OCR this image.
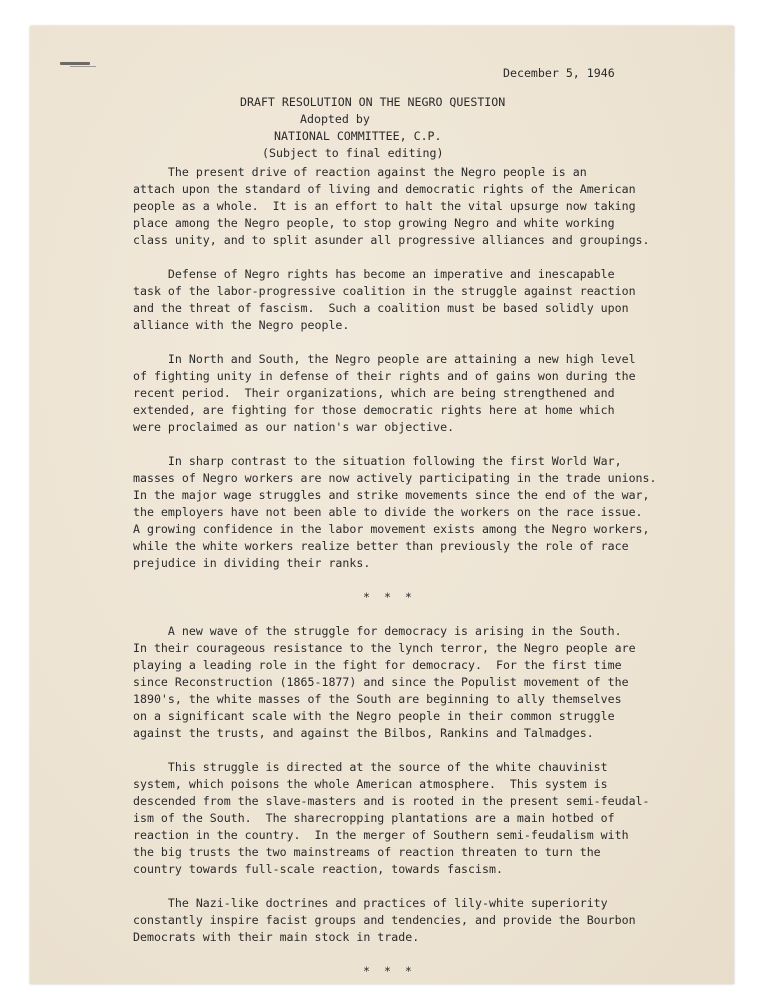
December 5, 1946
DRAFT RESOLUTION ON THE NEGRO QUESTION
Adopted by
NATIONAL COMMITTEE, C.P.
(Subject to final editing)
The present drive of reaction against the Negro people is an
attach upon the standard of living and democratic rights of the American
people as a whole.  It is an effort to halt the vital upsurge now taking
place among the Negro people, to stop growing Negro and white working
class unity, and to split asunder all progressive alliances and groupings.
Defense of Negro rights has become an imperative and inescapable
task of the labor-progressive coalition in the struggle against reaction
and the threat of fascism.  Such a coalition must be based solidly upon
alliance with the Negro people.
In North and South, the Negro people are attaining a new high level
of fighting unity in defense of their rights and of gains won during the
recent period.  Their organizations, which are being strengthened and
extended, are fighting for those democratic rights here at home which
were proclaimed as our nation's war objective.
In sharp contrast to the situation following the first World War,
masses of Negro workers are now actively participating in the trade unions.
In the major wage struggles and strike movements since the end of the war,
the employers have not been able to divide the workers on the race issue.
A growing confidence in the labor movement exists among the Negro workers,
while the white workers realize better than previously the role of race
prejudice in dividing their ranks.
*  *  *
A new wave of the struggle for democracy is arising in the South.
In their courageous resistance to the lynch terror, the Negro people are
playing a leading role in the fight for democracy.  For the first time
since Reconstruction (1865-1877) and since the Populist movement of the
1890's, the white masses of the South are beginning to ally themselves
on a significant scale with the Negro people in their common struggle
against the trusts, and against the Bilbos, Rankins and Talmadges.
This struggle is directed at the source of the white chauvinist
system, which poisons the whole American atmosphere.  This system is
descended from the slave-masters and is rooted in the present semi-feudal-
ism of the South.  The sharecropping plantations are a main hotbed of
reaction in the country.  In the merger of Southern semi-feudalism with
the big trusts the two mainstreams of reaction threaten to turn the
country towards full-scale reaction, towards fascism.
The Nazi-like doctrines and practices of lily-white superiority
constantly inspire facist groups and tendencies, and provide the Bourbon
Democrats with their main stock in trade.
*  *  *
